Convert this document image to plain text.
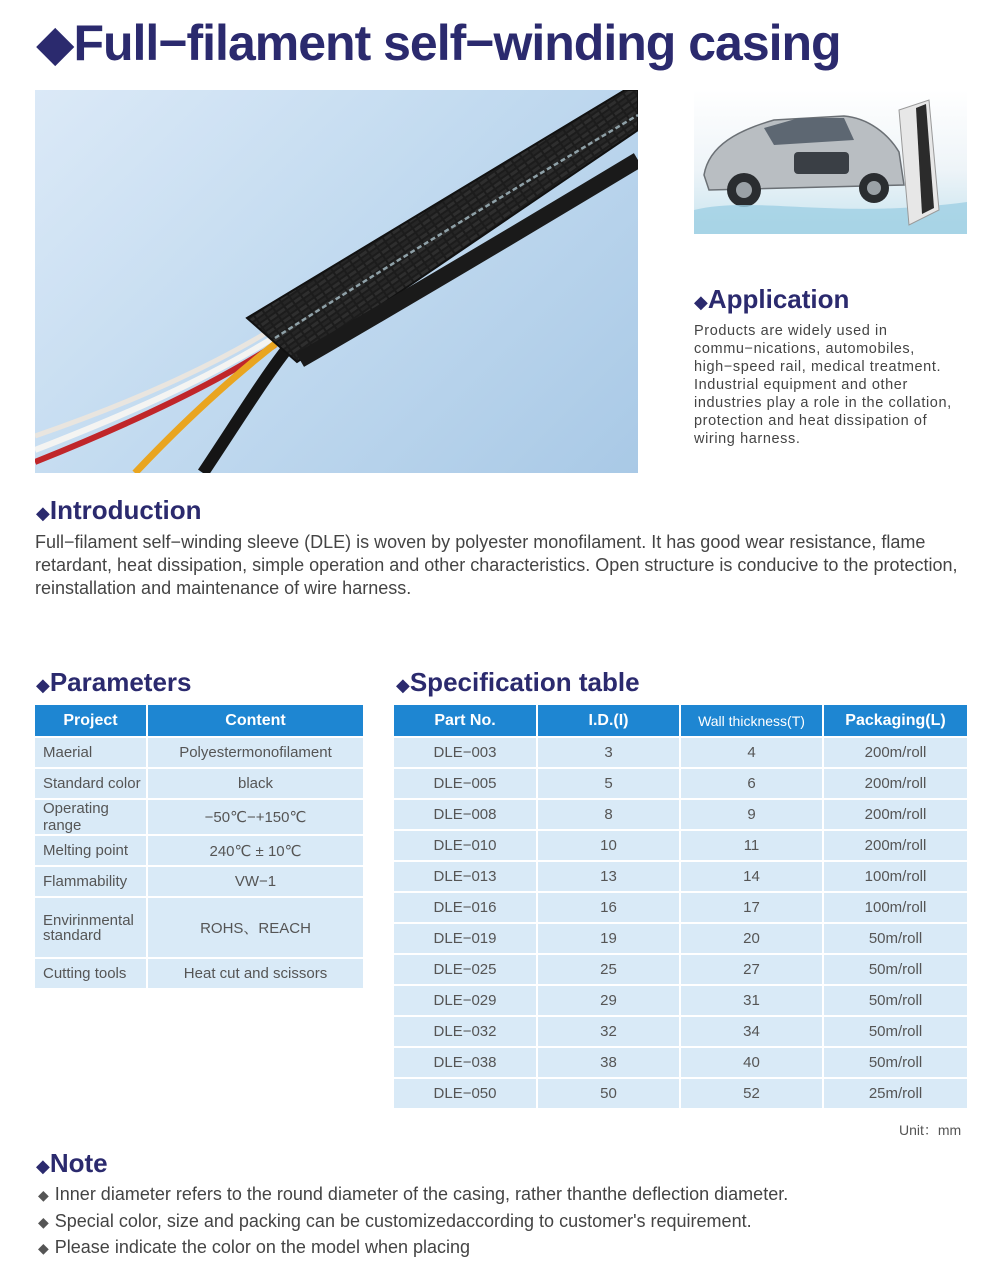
◆Full−filament self−winding casing
◆Application
Products are widely used in commu−nications, automobiles, high−speed rail, medical treatment. Industrial equipment and other industries play a role in the collation, protection and heat dissipation of wiring harness.
◆Introduction
Full−filament self−winding sleeve (DLE) is woven by polyester monofilament. It has good wear resistance, flame retardant, heat dissipation, simple operation and other characteristics. Open structure is conducive to the protection, reinstallation and maintenance of wire harness.
◆Parameters
Project	Content
Maerial	Polyestermonofilament
Standard color	black
Operating range	−50℃−+150℃
Melting point	240℃ ± 10℃
Flammability	VW−1
Envirinmental standard	ROHS、REACH
Cutting tools	Heat cut and scissors
◆Specification table
Part No.	I.D.(I)	Wall thickness(T)	Packaging(L)
DLE−003	3	4	200m/roll
DLE−005	5	6	200m/roll
DLE−008	8	9	200m/roll
DLE−010	10	11	200m/roll
DLE−013	13	14	100m/roll
DLE−016	16	17	100m/roll
DLE−019	19	20	50m/roll
DLE−025	25	27	50m/roll
DLE−029	29	31	50m/roll
DLE−032	32	34	50m/roll
DLE−038	38	40	50m/roll
DLE−050	50	52	25m/roll
Unit：mm
◆Note
◆ Inner diameter refers to the round diameter of the casing, rather thanthe deflection diameter.
◆ Special color, size and packing can be customizedaccording to customer's requirement.
◆ Please indicate the color on the model when placing
